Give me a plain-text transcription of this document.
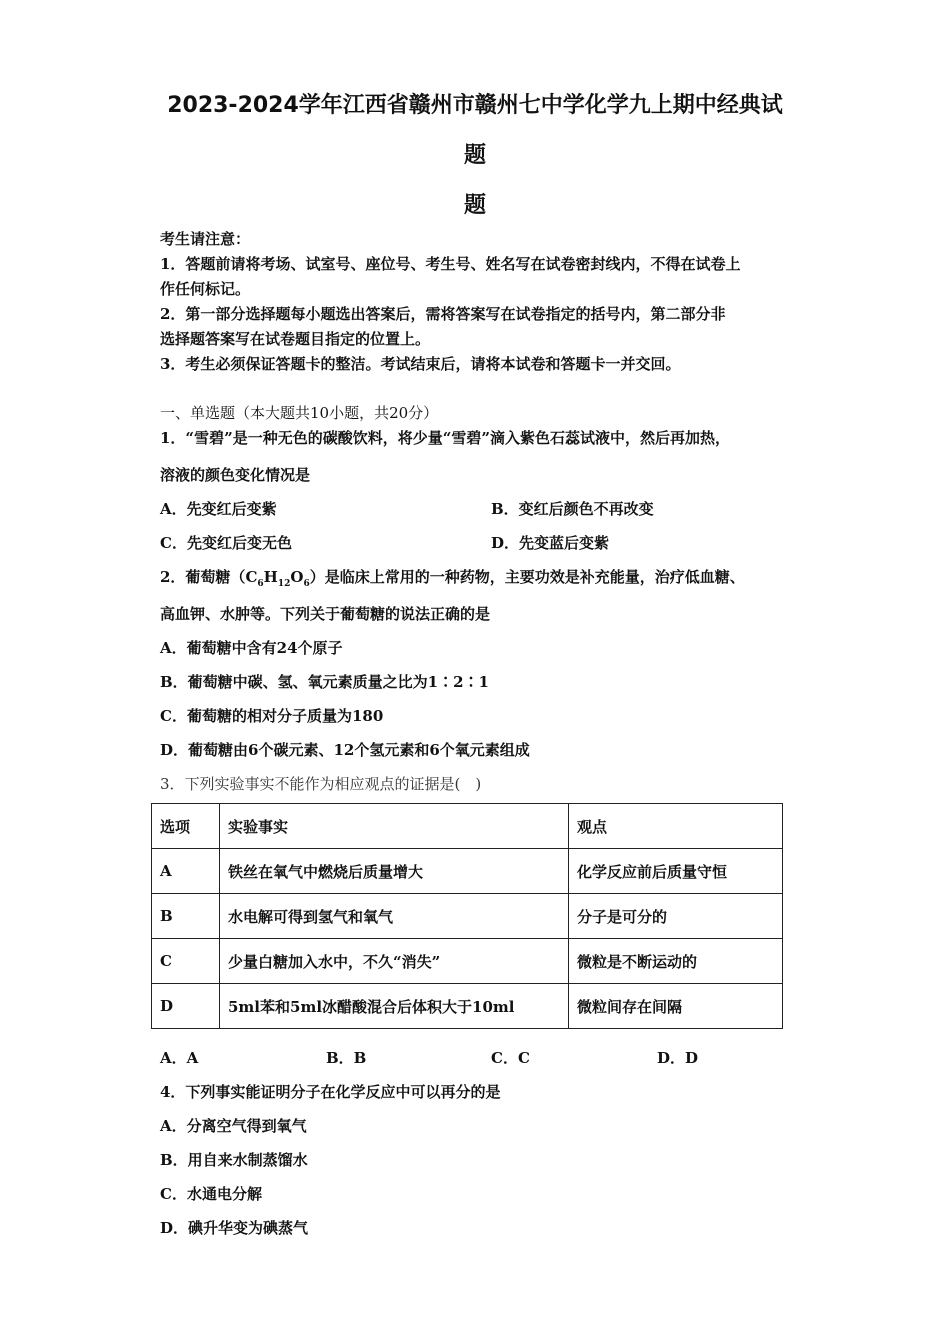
2023-2024学年江西省赣州市赣州七中学化学九上期中经典试
题
题
考生请注意：
1．答题前请将考场、试室号、座位号、考生号、姓名写在试卷密封线内，不得在试卷上
作任何标记。
2．第一部分选择题每小题选出答案后，需将答案写在试卷指定的括号内，第二部分非
选择题答案写在试卷题目指定的位置上。
3．考生必须保证答题卡的整洁。考试结束后，请将本试卷和答题卡一并交回。
一、单选题（本大题共10小题，共20分）
1．“雪碧”是一种无色的碳酸饮料，将少量“雪碧”滴入紫色石蕊试液中，然后再加热，
溶液的颜色变化情况是
A．先变红后变紫	B．变红后颜色不再改变
C．先变红后变无色	D．先变蓝后变紫
2．葡萄糖$(C_6H_{12}O_6)$是临床上常用的一种药物，主要功效是补充能量，治疗低血糖、
高血钾、水肿等。下列关于葡萄糖的说法正确的是
A．葡萄糖中含有24个原子
B．葡萄糖中碳、氢、氧元素质量之比为1∶2∶1
C．葡萄糖的相对分子质量为180
D．葡萄糖由6个碳元素、12个氢元素和6个氧元素组成
3．下列实验事实不能作为相应观点的证据是(　)
选项	实验事实	观点
A	铁丝在氧气中燃烧后质量增大	化学反应前后质量守恒
B	水电解可得到氢气和氧气	分子是可分的
C	少量白糖加入水中，不久“消失”	微粒是不断运动的
D	5ml苯和5ml冰醋酸混合后体积大于10ml	微粒间存在间隔
A．A	B．B	C．C	D．D
4．下列事实能证明分子在化学反应中可以再分的是
A．分离空气得到氧气
B．用自来水制蒸馏水
C．水通电分解
D．碘升华变为碘蒸气
